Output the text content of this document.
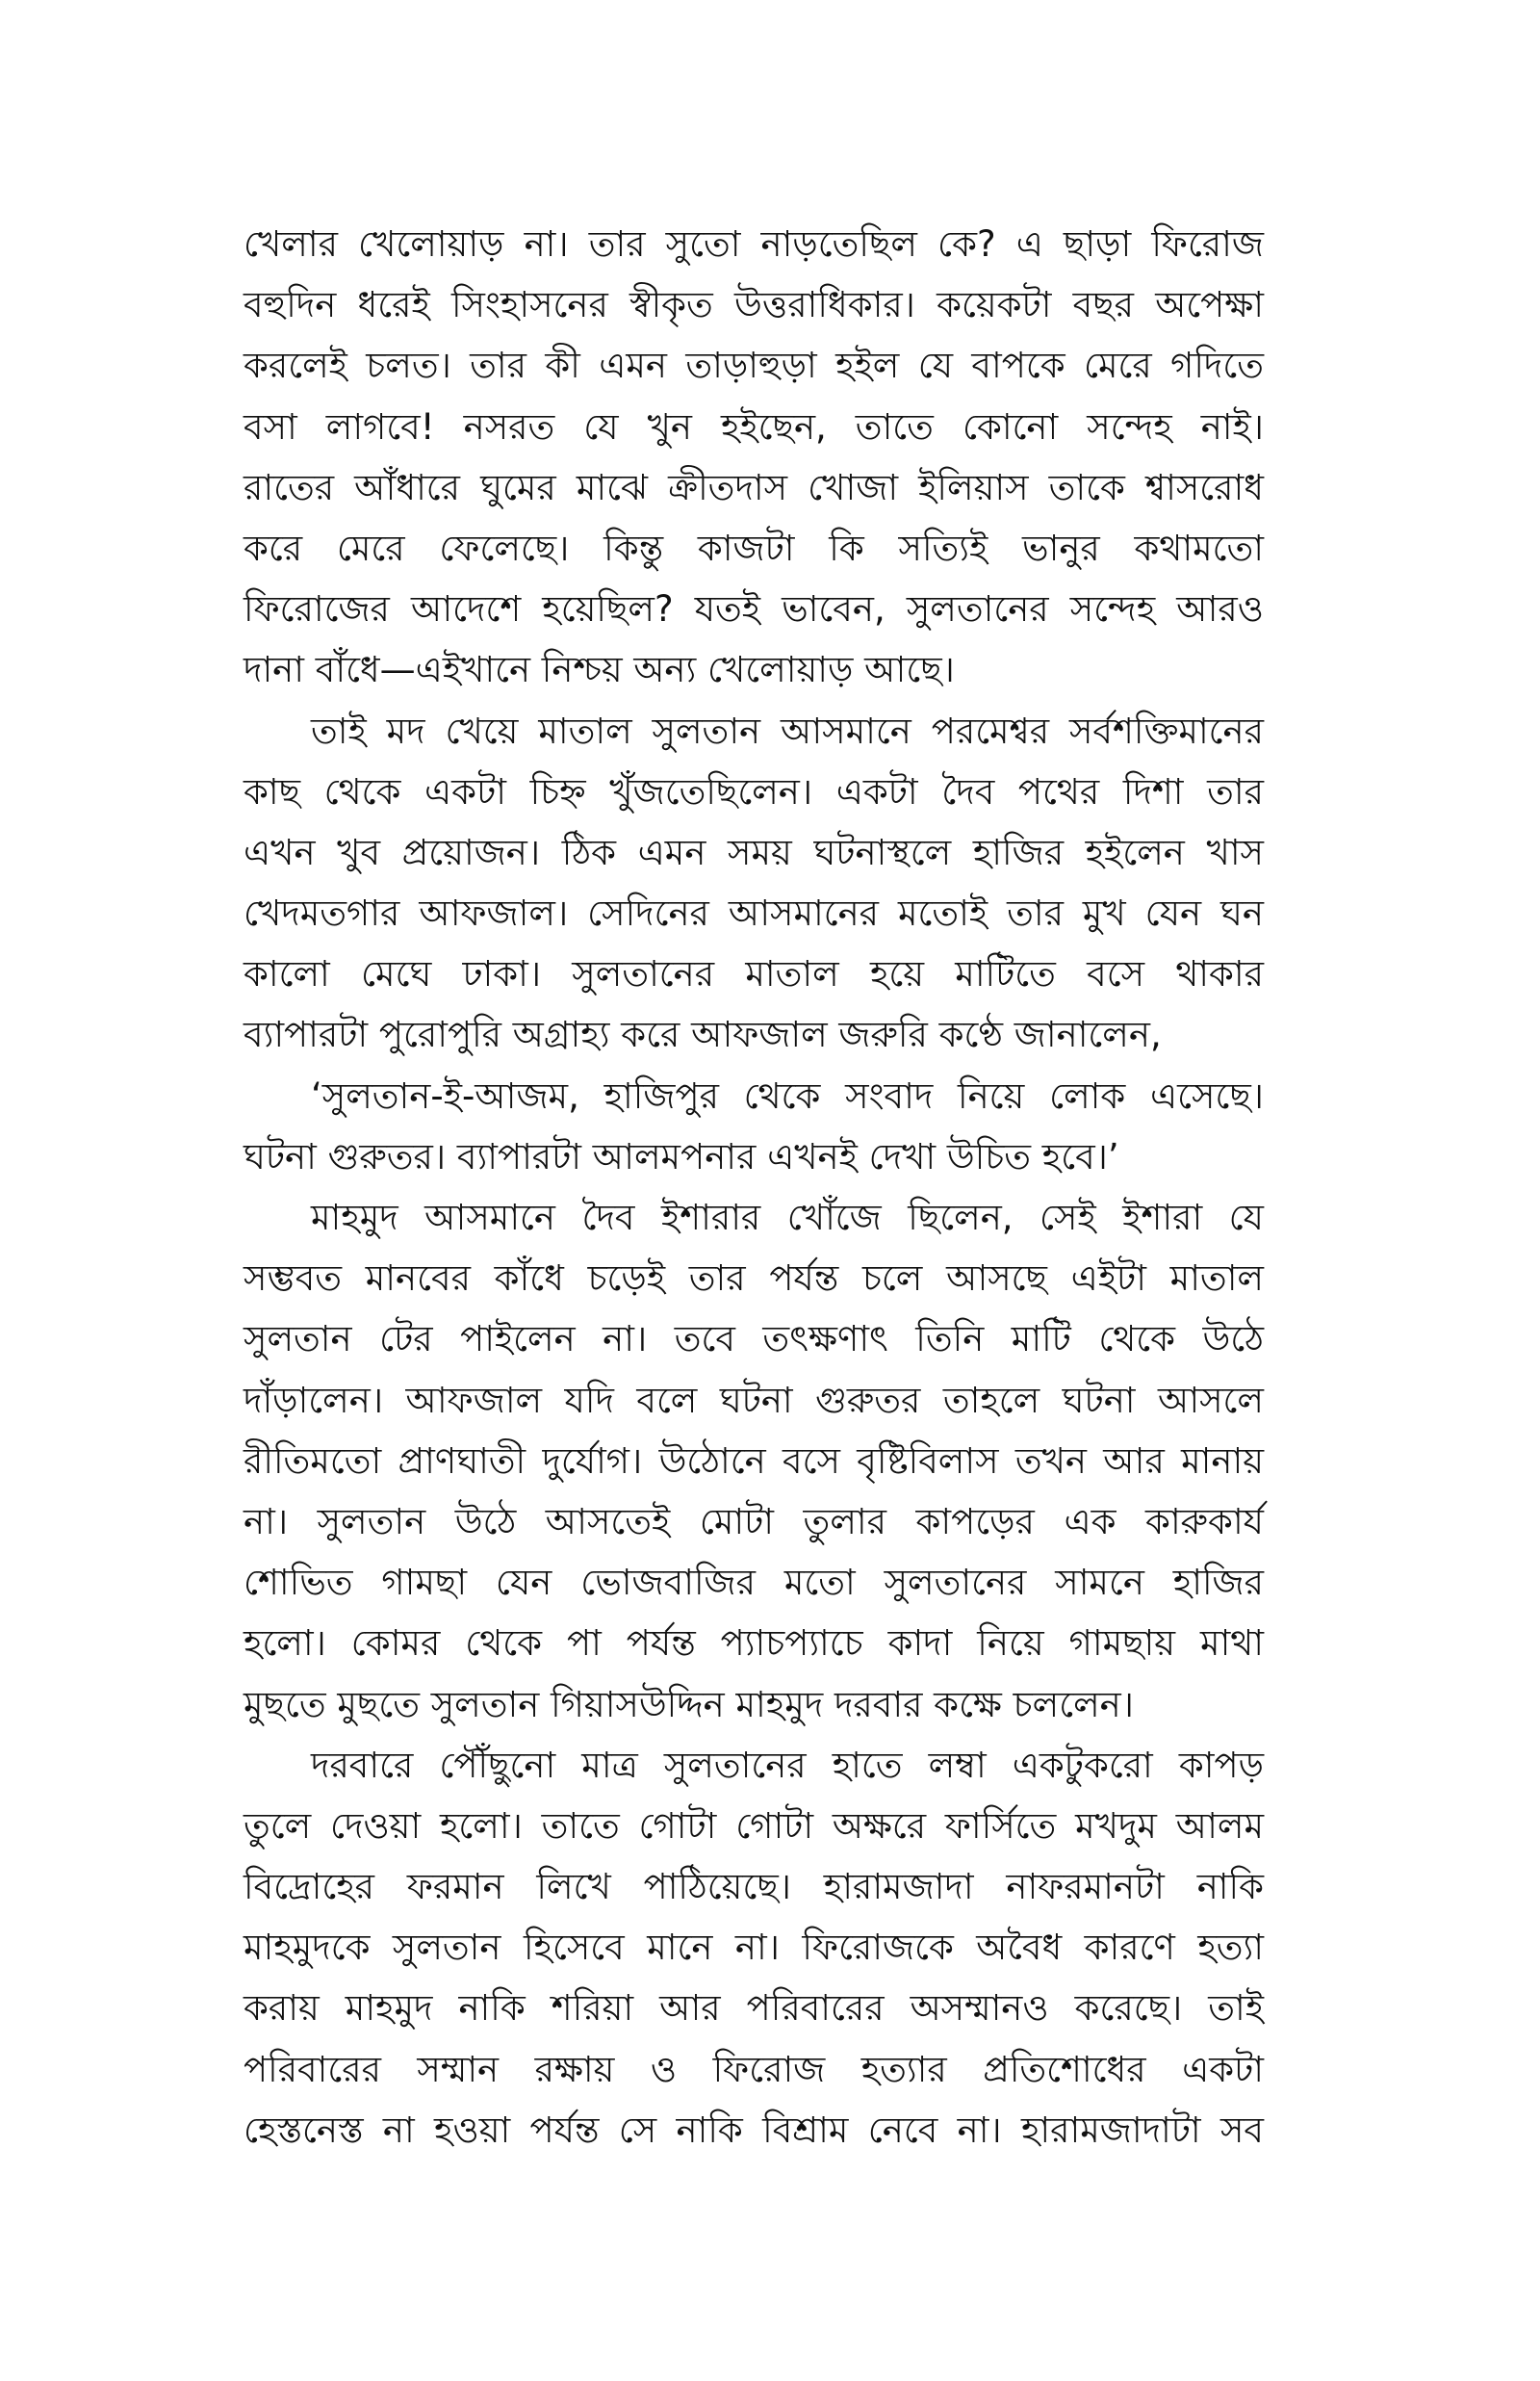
খেলার খেলোয়াড় না। তার সুতো নাড়তেছিল কে? এ ছাড়া ফিরোজ
বহুদিন ধরেই সিংহাসনের স্বীকৃত উত্তরাধিকার। কয়েকটা বছর অপেক্ষা
করলেই চলত। তার কী এমন তাড়াহুড়া হইল যে বাপকে মেরে গদিতে
বসা লাগবে! নসরত যে খুন হইছেন, তাতে কোনো সন্দেহ নাই।
রাতের আঁধারে ঘুমের মাঝে ক্রীতদাস খোজা ইলিয়াস তাকে শ্বাসরোধ
করে মেরে ফেলেছে। কিন্তু কাজটা কি সত্যিই ভানুর কথামতো
ফিরোজের আদেশে হয়েছিল? যতই ভাবেন, সুলতানের সন্দেহ আরও
দানা বাঁধে—এইখানে নিশ্চয় অন্য খেলোয়াড় আছে।
তাই মদ খেয়ে মাতাল সুলতান আসমানে পরমেশ্বর সর্বশক্তিমানের
কাছ থেকে একটা চিহ্ন খুঁজতেছিলেন। একটা দৈব পথের দিশা তার
এখন খুব প্রয়োজন। ঠিক এমন সময় ঘটনাস্থলে হাজির হইলেন খাস
খেদমতগার আফজাল। সেদিনের আসমানের মতোই তার মুখ যেন ঘন
কালো মেঘে ঢাকা। সুলতানের মাতাল হয়ে মাটিতে বসে থাকার
ব্যাপারটা পুরোপুরি অগ্রাহ্য করে আফজাল জরুরি কণ্ঠে জানালেন,
‘সুলতান-ই-আজম, হাজিপুর থেকে সংবাদ নিয়ে লোক এসেছে।
ঘটনা গুরুতর। ব্যাপারটা আলমপনার এখনই দেখা উচিত হবে।’
মাহমুদ আসমানে দৈব ইশারার খোঁজে ছিলেন, সেই ইশারা যে
সম্ভবত মানবের কাঁধে চড়েই তার পর্যন্ত চলে আসছে এইটা মাতাল
সুলতান টের পাইলেন না। তবে তৎক্ষণাৎ তিনি মাটি থেকে উঠে
দাঁড়ালেন। আফজাল যদি বলে ঘটনা গুরুতর তাহলে ঘটনা আসলে
রীতিমতো প্রাণঘাতী দুর্যোগ। উঠোনে বসে বৃষ্টিবিলাস তখন আর মানায়
না। সুলতান উঠে আসতেই মোটা তুলার কাপড়ের এক কারুকার্য
শোভিত গামছা যেন ভোজবাজির মতো সুলতানের সামনে হাজির
হলো। কোমর থেকে পা পর্যন্ত প্যাচপ্যাচে কাদা নিয়ে গামছায় মাথা
মুছতে মুছতে সুলতান গিয়াসউদ্দিন মাহমুদ দরবার কক্ষে চললেন।
দরবারে পৌঁছুনো মাত্র সুলতানের হাতে লম্বা একটুকরো কাপড়
তুলে দেওয়া হলো। তাতে গোটা গোটা অক্ষরে ফার্সিতে মখদুম আলম
বিদ্রোহের ফরমান লিখে পাঠিয়েছে। হারামজাদা নাফরমানটা নাকি
মাহমুদকে সুলতান হিসেবে মানে না। ফিরোজকে অবৈধ কারণে হত্যা
করায় মাহমুদ নাকি শরিয়া আর পরিবারের অসম্মানও করেছে। তাই
পরিবারের সম্মান রক্ষায় ও ফিরোজ হত্যার প্রতিশোধের একটা
হেস্তনেস্ত না হওয়া পর্যন্ত সে নাকি বিশ্রাম নেবে না। হারামজাদাটা সব
